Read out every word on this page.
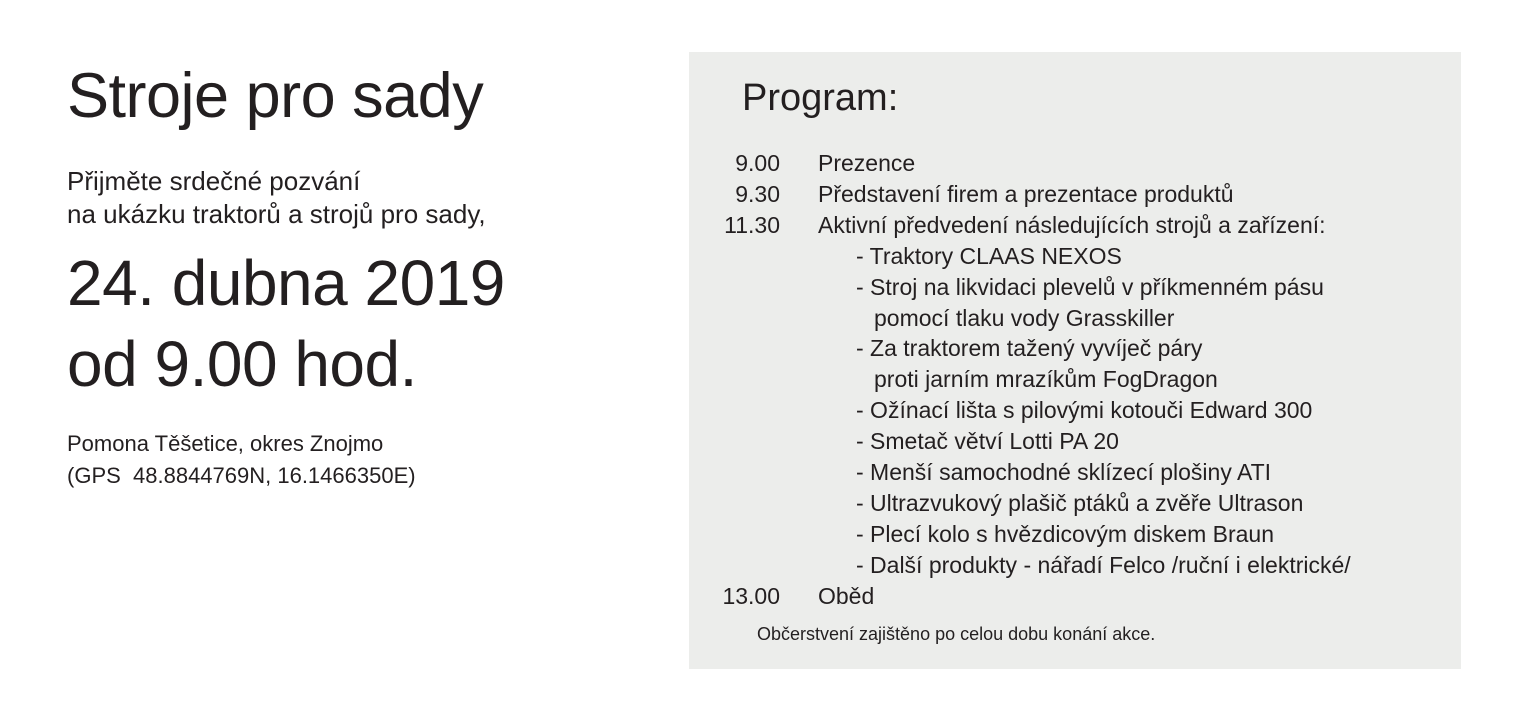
Stroje pro sady
Přijměte srdečné pozvání
na ukázku traktorů a strojů pro sady,
24. dubna 2019
od 9.00 hod.
Pomona Těšetice, okres Znojmo
(GPS  48.8844769N, 16.1466350E)
Program:
9.00	Prezence
9.30	Představení firem a prezentace produktů
11.30	Aktivní předvedení následujících strojů a zařízení:
- Traktory CLAAS NEXOS
- Stroj na likvidaci plevelů v příkmenném pásu
pomocí tlaku vody Grasskiller
- Za traktorem tažený vyvíječ páry
proti jarním mrazíkům FogDragon
- Ožínací lišta s pilovými kotouči Edward 300
- Smetač větví Lotti PA 20
- Menší samochodné sklízecí plošiny ATI
- Ultrazvukový plašič ptáků a zvěře Ultrason
- Plecí kolo s hvězdicovým diskem Braun
- Další produkty - nářadí Felco /ruční i elektrické/
13.00	Oběd
Občerstvení zajištěno po celou dobu konání akce.
